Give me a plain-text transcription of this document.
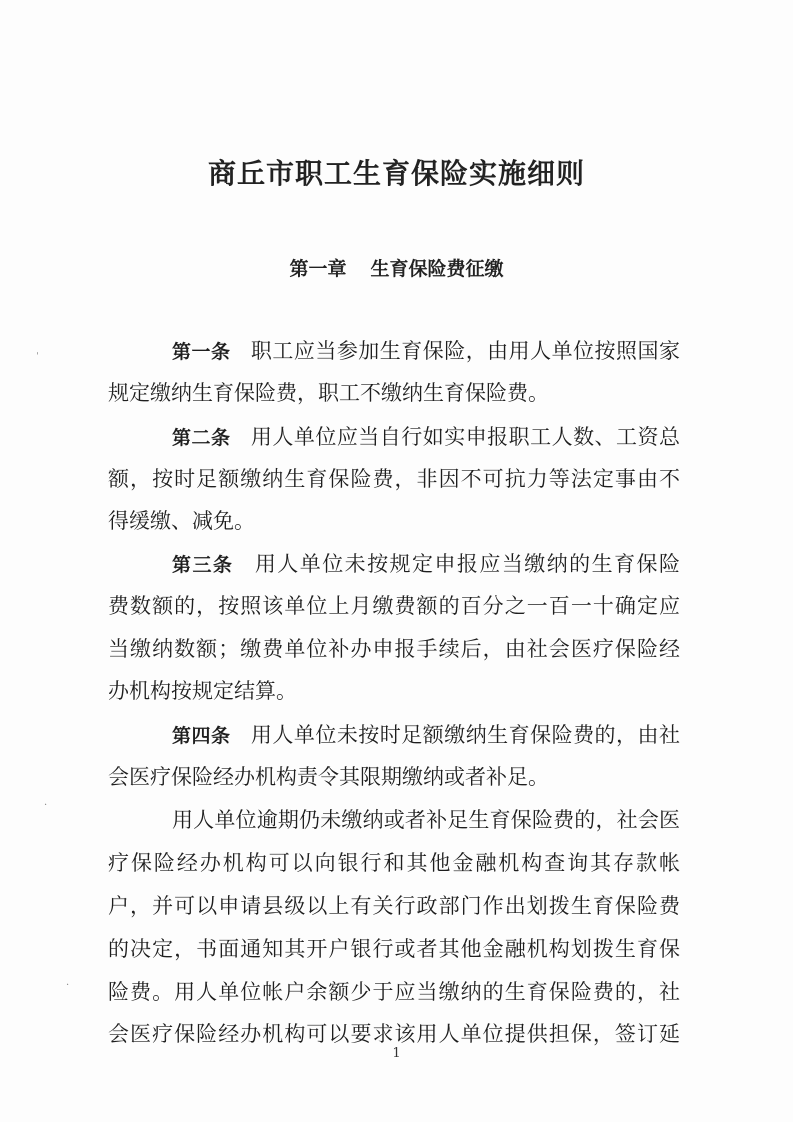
商丘市职工生育保险实施细则
第一章 生育保险费征缴
第一条 职工应当参加生育保险，由用人单位按照国家
规定缴纳生育保险费，职工不缴纳生育保险费。
第二条 用人单位应当自行如实申报职工人数、工资总
额，按时足额缴纳生育保险费，非因不可抗力等法定事由不
得缓缴、减免。
第三条 用人单位未按规定申报应当缴纳的生育保险
费数额的，按照该单位上月缴费额的百分之一百一十确定应
当缴纳数额；缴费单位补办申报手续后，由社会医疗保险经
办机构按规定结算。
第四条 用人单位未按时足额缴纳生育保险费的，由社
会医疗保险经办机构责令其限期缴纳或者补足。
用人单位逾期仍未缴纳或者补足生育保险费的，社会医
疗保险经办机构可以向银行和其他金融机构查询其存款帐
户，并可以申请县级以上有关行政部门作出划拨生育保险费
的决定，书面通知其开户银行或者其他金融机构划拨生育保
险费。用人单位帐户余额少于应当缴纳的生育保险费的，社
会医疗保险经办机构可以要求该用人单位提供担保，签订延
1
ˌ
·
·
